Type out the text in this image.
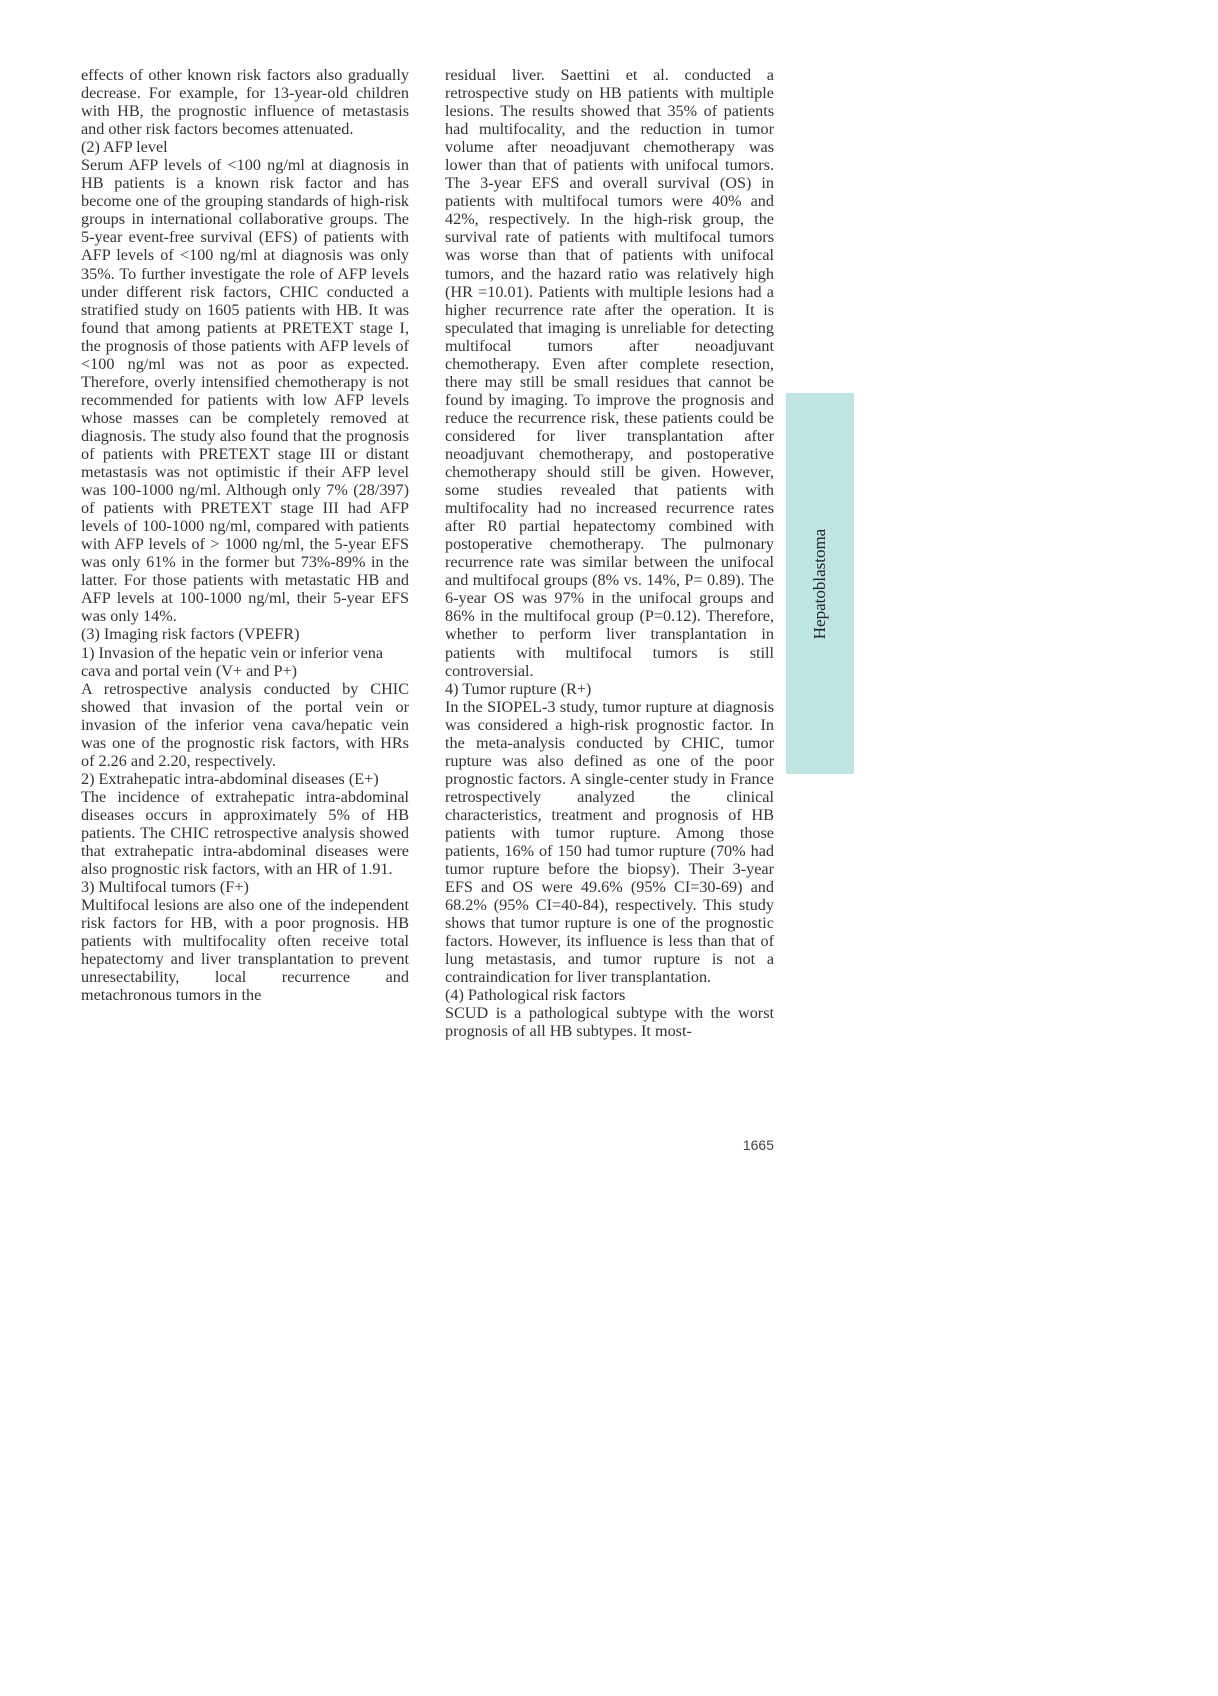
effects of other known risk factors also gradually decrease. For example, for 13-year-old children with HB, the prognostic influence of metastasis and other risk factors becomes attenuated.

(2) AFP level

Serum AFP levels of <100 ng/ml at diagnosis in HB patients is a known risk factor and has become one of the grouping standards of high-risk groups in international collaborative groups. The 5-year event-free survival (EFS) of patients with AFP levels of <100 ng/ml at diagnosis was only 35%. To further investigate the role of AFP levels under different risk factors, CHIC conducted a stratified study on 1605 patients with HB. It was found that among patients at PRETEXT stage I, the prognosis of those patients with AFP levels of <100 ng/ml was not as poor as expected. Therefore, overly intensified chemotherapy is not recommended for patients with low AFP levels whose masses can be completely removed at diagnosis. The study also found that the prognosis of patients with PRETEXT stage III or distant metastasis was not optimistic if their AFP level was 100-1000 ng/ml. Although only 7% (28/397) of patients with PRETEXT stage III had AFP levels of 100-1000 ng/ml, compared with patients with AFP levels of > 1000 ng/ml, the 5-year EFS was only 61% in the former but 73%-89% in the latter. For those patients with metastatic HB and AFP levels at 100-1000 ng/ml, their 5-year EFS was only 14%.

(3) Imaging risk factors (VPEFR)
1) Invasion of the hepatic vein or inferior vena cava and portal vein (V+ and P+)

A retrospective analysis conducted by CHIC showed that invasion of the portal vein or invasion of the inferior vena cava/hepatic vein was one of the prognostic risk factors, with HRs of 2.26 and 2.20, respectively.

2) Extrahepatic intra-abdominal diseases (E+)

The incidence of extrahepatic intra-abdominal diseases occurs in approximately 5% of HB patients. The CHIC retrospective analysis showed that extrahepatic intra-abdominal diseases were also prognostic risk factors, with an HR of 1.91.

3) Multifocal tumors (F+)

Multifocal lesions are also one of the independent risk factors for HB, with a poor prognosis. HB patients with multifocality often receive total hepatectomy and liver transplantation to prevent unresectability, local recurrence and metachronous tumors in the

residual liver. Saettini et al. conducted a retrospective study on HB patients with multiple lesions. The results showed that 35% of patients had multifocality, and the reduction in tumor volume after neoadjuvant chemotherapy was lower than that of patients with unifocal tumors. The 3-year EFS and overall survival (OS) in patients with multifocal tumors were 40% and 42%, respectively. In the high-risk group, the survival rate of patients with multifocal tumors was worse than that of patients with unifocal tumors, and the hazard ratio was relatively high (HR =10.01). Patients with multiple lesions had a higher recurrence rate after the operation. It is speculated that imaging is unreliable for detecting multifocal tumors after neoadjuvant chemotherapy. Even after complete resection, there may still be small residues that cannot be found by imaging. To improve the prognosis and reduce the recurrence risk, these patients could be considered for liver transplantation after neoadjuvant chemotherapy, and postoperative chemotherapy should still be given. However, some studies revealed that patients with multifocality had no increased recurrence rates after R0 partial hepatectomy combined with postoperative chemotherapy. The pulmonary recurrence rate was similar between the unifocal and multifocal groups (8% vs. 14%, P= 0.89). The 6-year OS was 97% in the unifocal groups and 86% in the multifocal group (P=0.12). Therefore, whether to perform liver transplantation in patients with multifocal tumors is still controversial.

4) Tumor rupture (R+)

In the SIOPEL-3 study, tumor rupture at diagnosis was considered a high-risk prognostic factor. In the meta-analysis conducted by CHIC, tumor rupture was also defined as one of the poor prognostic factors. A single-center study in France retrospectively analyzed the clinical characteristics, treatment and prognosis of HB patients with tumor rupture. Among those patients, 16% of 150 had tumor rupture (70% had tumor rupture before the biopsy). Their 3-year EFS and OS were 49.6% (95% CI=30-69) and 68.2% (95% CI=40-84), respectively. This study shows that tumor rupture is one of the prognostic factors. However, its influence is less than that of lung metastasis, and tumor rupture is not a contraindication for liver transplantation.

(4) Pathological risk factors

SCUD is a pathological subtype with the worst prognosis of all HB subtypes. It most-

Hepatoblastoma
1665
